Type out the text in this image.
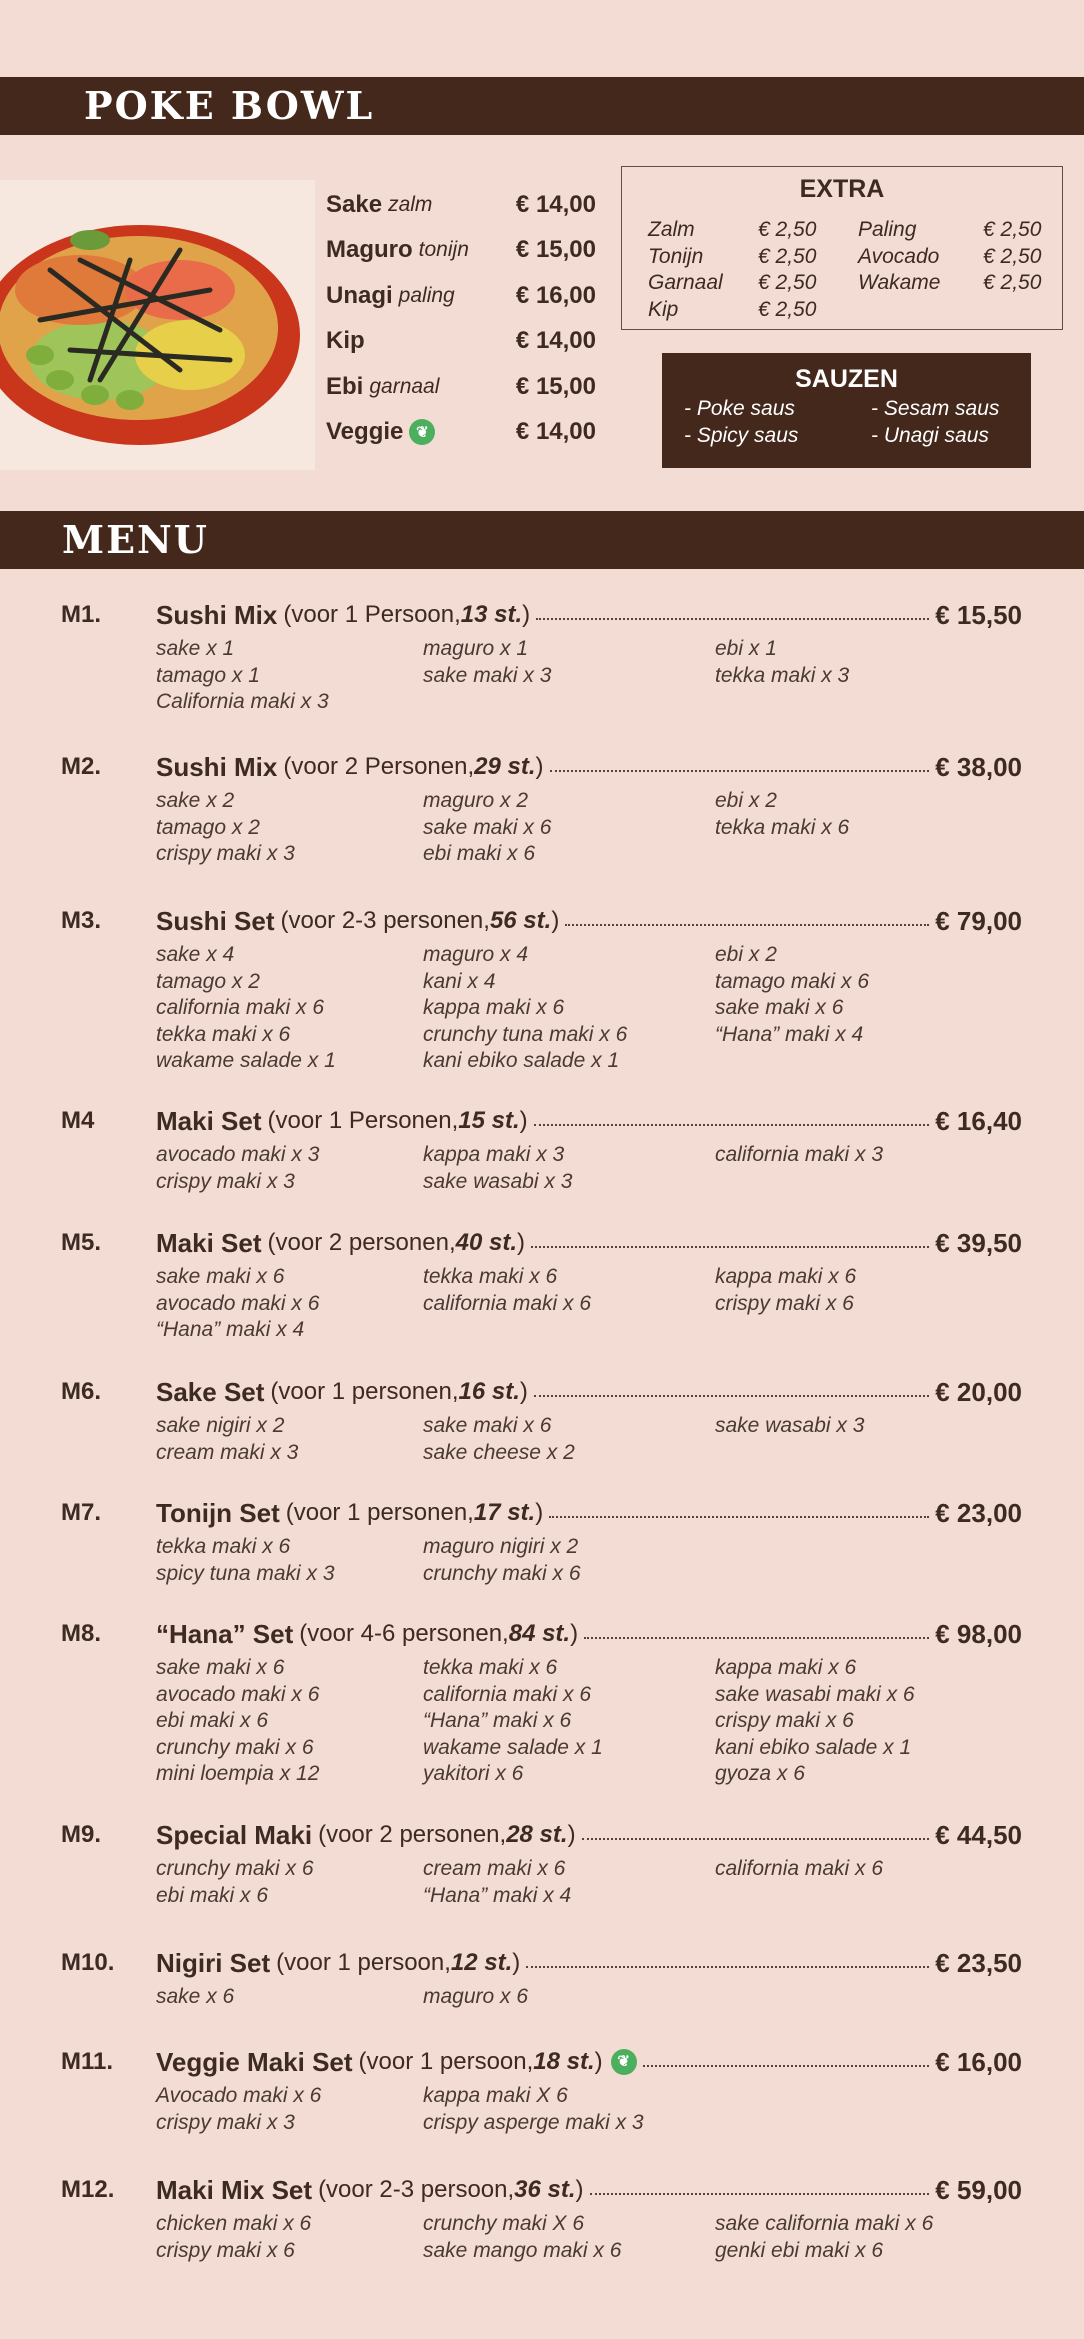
POKE BOWL
Sake zalm	€ 14,00
Maguro tonijn € 15,00
Unagi paling	€ 16,00
Kip	€ 14,00
Ebi garnaal	€ 15,00
Veggie ❦	€ 14,00
EXTRA
Zalm	€ 2,50	Paling	€ 2,50
Tonijn	€ 2,50	Avocado	€ 2,50
Garnaal	€ 2,50	Wakame	€ 2,50
Kip	€ 2,50
SAUZEN
- Poke saus	- Sesam saus
- Spicy saus	- Unagi saus
MENU
M1. Sushi Mix (voor 1 Persoon,13 st.)	€ 15,50
sake x 1	maguro x 1	ebi x 1
tamago x 1	sake maki x 3	tekka maki x 3
California maki x 3
M2. Sushi Mix (voor 2 Personen,29 st.)	€ 38,00
sake x 2	maguro x 2	ebi x 2
tamago x 2	sake maki x 6	tekka maki x 6
crispy maki x 3	ebi maki x 6
M3. Sushi Set (voor 2-3 personen,56 st.)	€ 79,00
sake x 4	maguro x 4	ebi x 2
tamago x 2	kani x 4	tamago maki x 6
california maki x 6	kappa maki x 6	sake maki x 6
tekka maki x 6	crunchy tuna maki x 6	“Hana” maki x 4
wakame salade x 1	kani ebiko salade x 1
M4 Maki Set (voor 1 Personen,15 st.)	€ 16,40
avocado maki x 3	kappa maki x 3	california maki x 3
crispy maki x 3	sake wasabi x 3
M5. Maki Set (voor 2 personen,40 st.)	€ 39,50
sake maki x 6	tekka maki x 6	kappa maki x 6
avocado maki x 6	california maki x 6	crispy maki x 6
“Hana” maki x 4
M6. Sake Set (voor 1 personen,16 st.)	€ 20,00
sake nigiri x 2	sake maki x 6	sake wasabi x 3
cream maki x 3	sake cheese x 2
M7. Tonijn Set (voor 1 personen,17 st.)	€ 23,00
tekka maki x 6	maguro nigiri x 2
spicy tuna maki x 3	crunchy maki x 6
M8. “Hana” Set (voor 4-6 personen,84 st.)	€ 98,00
sake maki x 6	tekka maki x 6	kappa maki x 6
avocado maki x 6	california maki x 6	sake wasabi maki x 6
ebi maki x 6	“Hana” maki x 6	crispy maki x 6
crunchy maki x 6	wakame salade x 1	kani ebiko salade x 1
mini loempia x 12	yakitori x 6	gyoza x 6
M9. Special Maki (voor 2 personen,28 st.)	€ 44,50
crunchy maki x 6	cream maki x 6	california maki x 6
ebi maki x 6	“Hana” maki x 4
M10. Nigiri Set (voor 1 persoon,12 st.)	€ 23,50
sake x 6	maguro x 6
M11. Veggie Maki Set (voor 1 persoon,18 st.) ❦	€ 16,00
Avocado maki x 6	kappa maki X 6
crispy maki x 3	crispy asperge maki x 3
M12. Maki Mix Set (voor 2-3 persoon,36 st.)	€ 59,00
chicken maki x 6	crunchy maki X 6	sake california maki x 6
crispy maki x 6	sake mango maki x 6	genki ebi maki x 6
